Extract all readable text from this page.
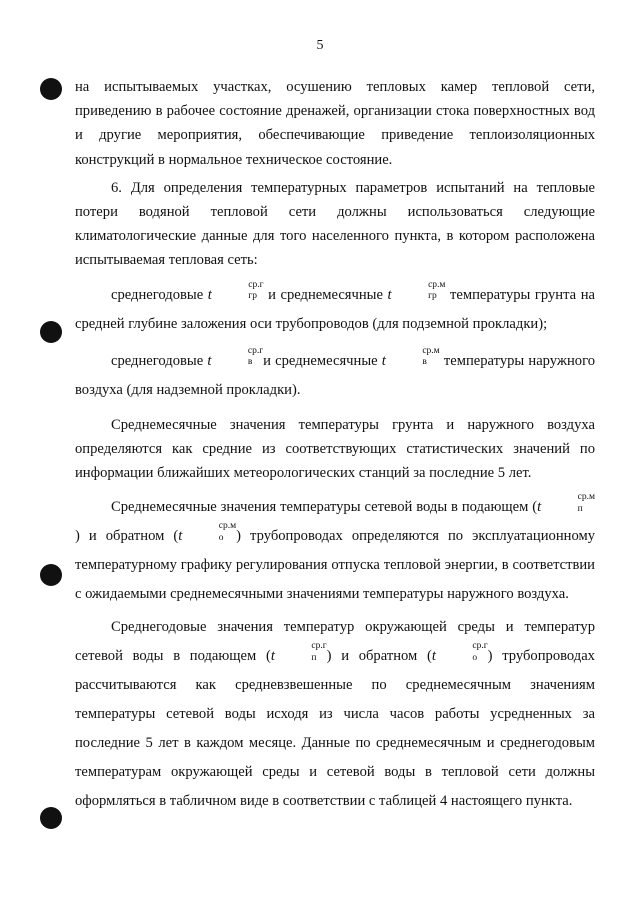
5

на испытываемых участках, осушению тепловых камер тепловой сети, приведению в рабочее состояние дренажей, организации стока поверхностных вод и другие мероприятия, обеспечивающие приведение теплоизоляционных конструкций в нормальное техническое состояние.

6. Для определения температурных параметров испытаний на тепловые потери водяной тепловой сети должны использоваться следующие климатологические данные для того населенного пункта, в котором расположена испытываемая тепловая сеть:

среднегодовые t
ср.г
гр и среднемесячные t
ср.м
гр температуры грунта на средней глубине заложения оси трубопроводов (для подземной прокладки);

среднегодовые t
ср.г
в и среднемесячные t
ср.м
в температуры наружного воздуха (для надземной прокладки).

Среднемесячные значения температуры грунта и наружного воздуха определяются как средние из соответствующих статистических значений по информации ближайших метеорологических станций за последние 5 лет.

Среднемесячные значения температуры сетевой воды в подающем (t
ср.м
п
) и обратном (t
ср.м
о ) трубопроводах определяются по эксплуатационному температурному графику регулирования отпуска тепловой энергии, в соответствии с ожидаемыми среднемесячными значениями температуры наружного воздуха.

Среднегодовые значения температур окружающей среды и температур сетевой воды в подающем (t
ср.г
п ) и обратном (t
ср.г
о ) трубопроводах рассчитываются как средневзвешенные по среднемесячным значениям температуры сетевой воды исходя из числа часов работы усредненных за последние 5 лет в каждом месяце. Данные по среднемесячным и среднегодовым температурам окружающей среды и сетевой воды в тепловой сети должны оформляться в табличном виде в соответствии с таблицей 4 настоящего пункта.
